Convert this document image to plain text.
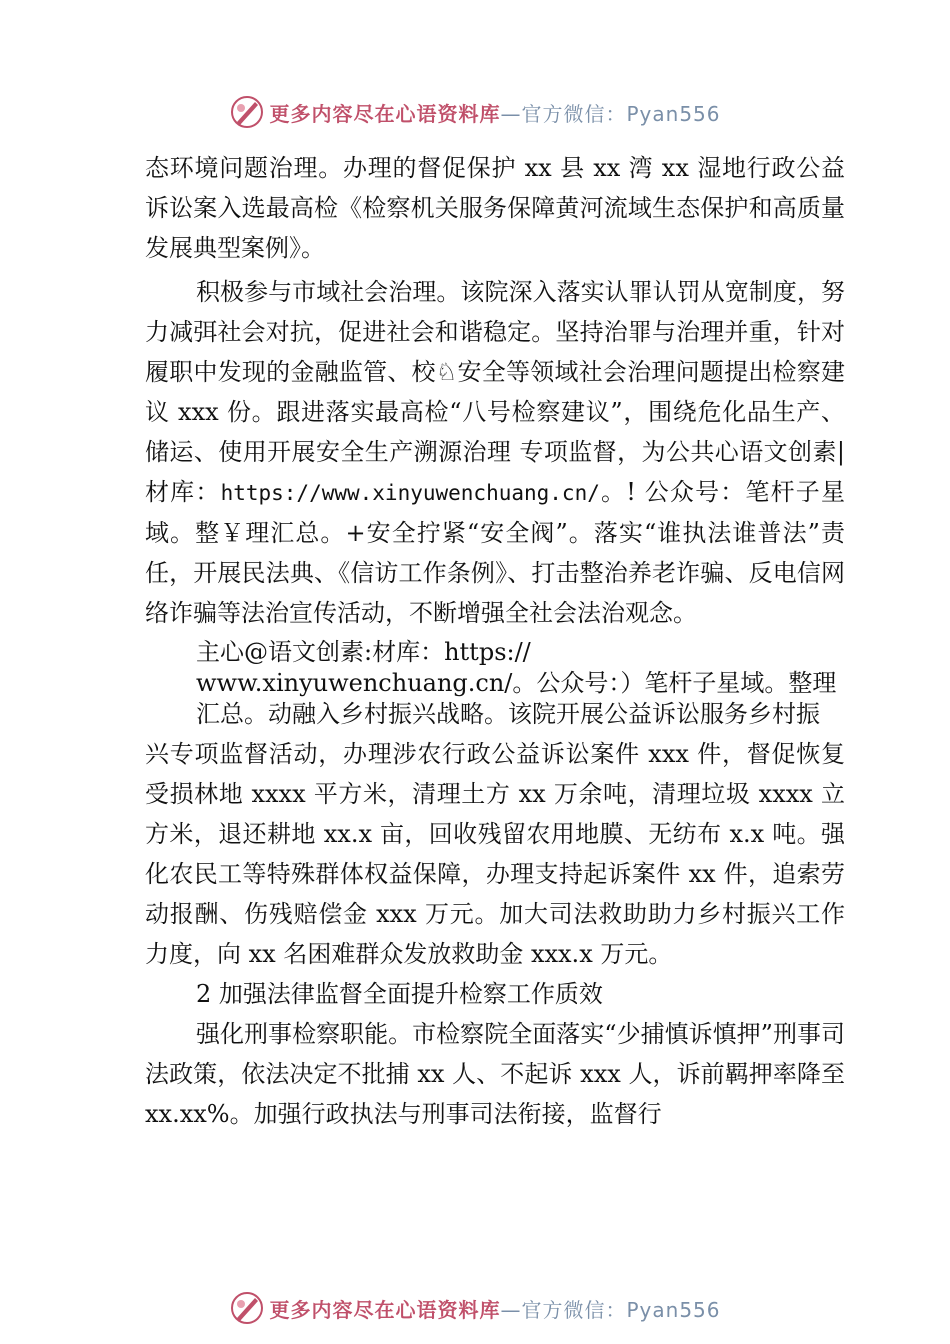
更多内容尽在心语资料库—官方微信：Pyan556

态环境问题治理。办理的督促保护 xx 县 xx 湾 xx 湿地行政公益诉讼案入选最高检《检察机关服务保障黄河流域生态保护和高质量发展典型案例》。

积极参与市域社会治理。该院深入落实认罪认罚从宽制度，努力减弭社会对抗，促进社会和谐稳定。坚持治罪与治理并重，针对履职中发现的金融监管、校♘安全等领域社会治理问题提出检察建议 xxx 份。跟进落实最高检“八号检察建议”，围绕危化品生产、储运、使用开展安全生产溯源治理 专项监督，为公共心语文创素|材库：https://www.xinyuwenchuang.cn/。! 公众号：笔杆子星域。整￥理汇总。+安全拧紧“安全阀”。落实“谁执法谁普法”责任，开展民法典、《信访工作条例》、打击整治养老诈骗、反电信网络诈骗等法治宣传活动，不断增强全社会法治观念。

主心@语文创素:材库：https://
www.xinyuwenchuang.cn/。公众号：）笔杆子星域。整理汇总。动融入乡村振兴战略。该院开展公益诉讼服务乡村振

兴专项监督活动，办理涉农行政公益诉讼案件 xxx 件，督促恢复受损林地 xxxx 平方米，清理土方 xx 万余吨，清理垃圾 xxxx 立方米，退还耕地 xx.x 亩，回收残留农用地膜、无纺布 x.x 吨。强化农民工等特殊群体权益保障，办理支持起诉案件 xx 件，追索劳动报酬、伤残赔偿金 xxx 万元。加大司法救助助力乡村振兴工作力度，向 xx 名困难群众发放救助金 xxx.x 万元。

2 加强法律监督全面提升检察工作质效

强化刑事检察职能。市检察院全面落实“少捕慎诉慎押”刑事司法政策，依法决定不批捕 xx 人、不起诉 xxx 人，诉前羁押率降至 xx.xx%。加强行政执法与刑事司法衔接，监督行

更多内容尽在心语资料库—官方微信：Pyan556
